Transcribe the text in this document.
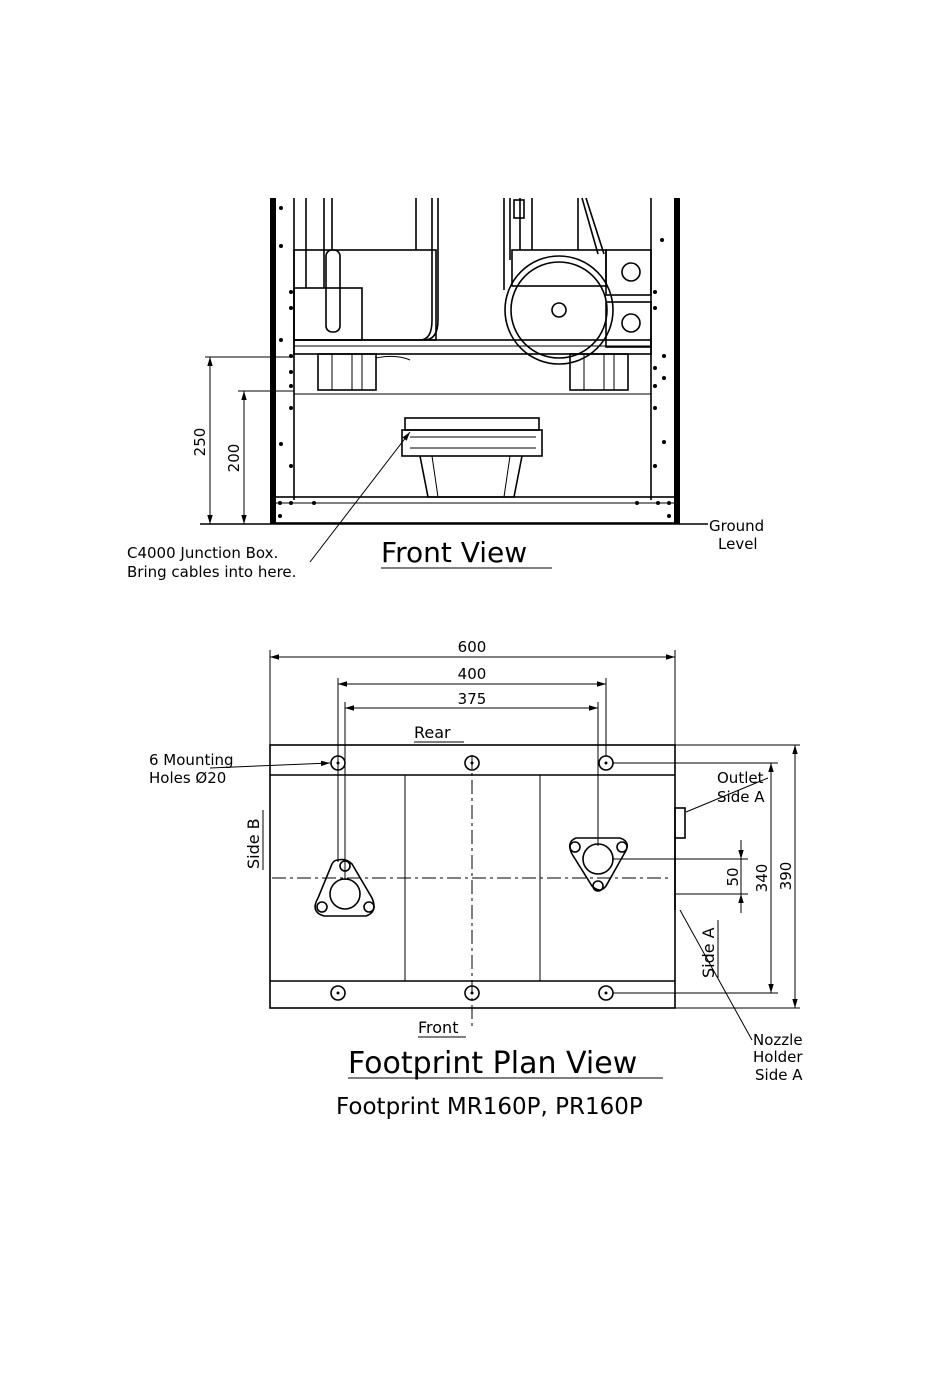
250
200
C4000 Junction Box.
Bring cables into here.
Front View
Ground
Level
600
400
375
50 340 390
Rear
Front
Side B
Side A
6 Mounting
Holes Ø20	Outlet
Side A
Nozzle
Holder
Side A
Footprint Plan View
Footprint MR160P, PR160P
